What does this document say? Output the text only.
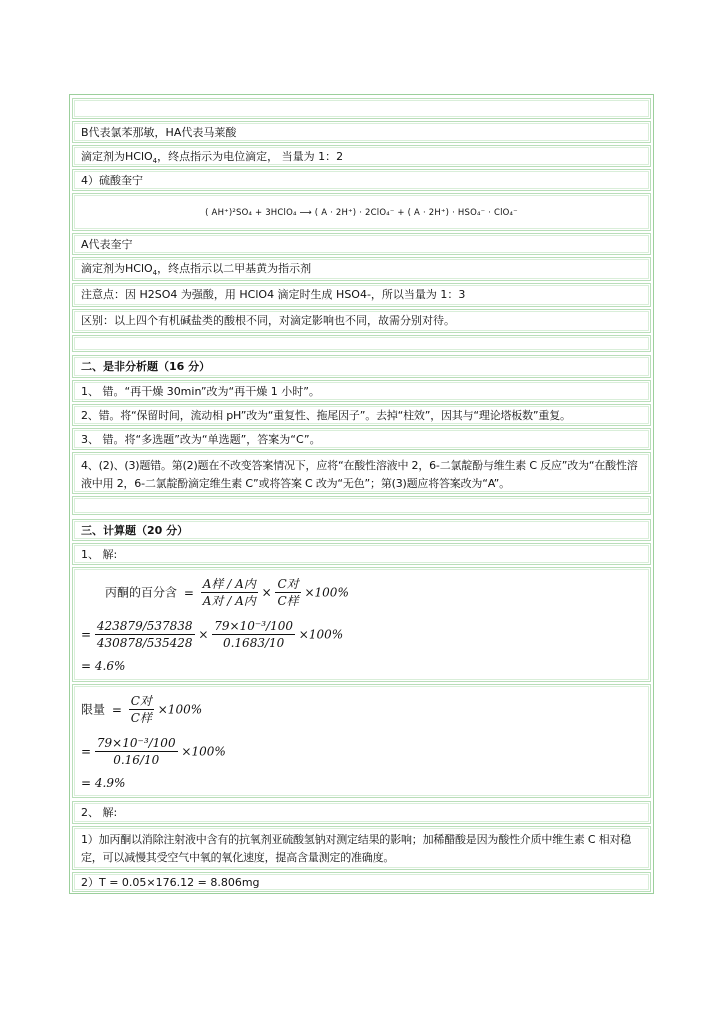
B代表氯苯那敏，HA代表马莱酸
滴定剂为HClO$_4$，终点指示为电位滴定， 当量为 1：2
4）硫酸奎宁
( AH⁺)²SO₄ + 3HClO₄ ⟶ ( A · 2H⁺) · 2ClO₄⁻ + ( A · 2H⁺) · HSO₄⁻ · ClO₄⁻
A代表奎宁
滴定剂为HClO$_4$，终点指示以二甲基黄为指示剂
注意点：因 H2SO4 为强酸，用 HClO4 滴定时生成 HSO4-，所以当量为 1：3
区别：以上四个有机碱盐类的酸根不同，对滴定影响也不同，故需分别对待。
二、是非分析题（16 分）
1、 错。“再干燥 30min”改为“再干燥 1 小时”。
2、错。将“保留时间，流动相 pH”改为“重复性、拖尾因子”。去掉“柱效”，因其与“理论塔板数”重复。
3、 错。将“多选题”改为“单选题”，答案为“C”。
4、(2)、(3)题错。第(2)题在不改变答案情况下，应将“在酸性溶液中 2，6-二氯靛酚与维生素 C 反应”改为“在酸性溶液中用 2，6-二氯靛酚滴定维生素 C”或将答案 C 改为“无色”；第(3)题应将答案改为“A”。
三、计算题（20 分）
1、 解:
丙酮的百分含 = $\frac{\text{A样 / A内}}{\text{A对 / A内}} \times \frac{\text{C对}}{\text{C样}} \times 100\%$
= $\frac{423879/537838}{430878/535428} \times \frac{\text{79×10⁻³/100}}{0.1683/10} \times 100\%$
= 4.6%
限量 = $\frac{\text{C对}}{\text{C样}} \times 100\%$
= $\frac{\text{79×10⁻³/100}}{0.16/10} \times 100\%$
= 4.9%
2、 解:
1）加丙酮以消除注射液中含有的抗氧剂亚硫酸氢钠对测定结果的影响；加稀醋酸是因为酸性介质中维生素 C 相对稳定，可以减慢其受空气中氧的氧化速度，提高含量测定的准确度。
2）T = 0.05×176.12 = 8.806mg
